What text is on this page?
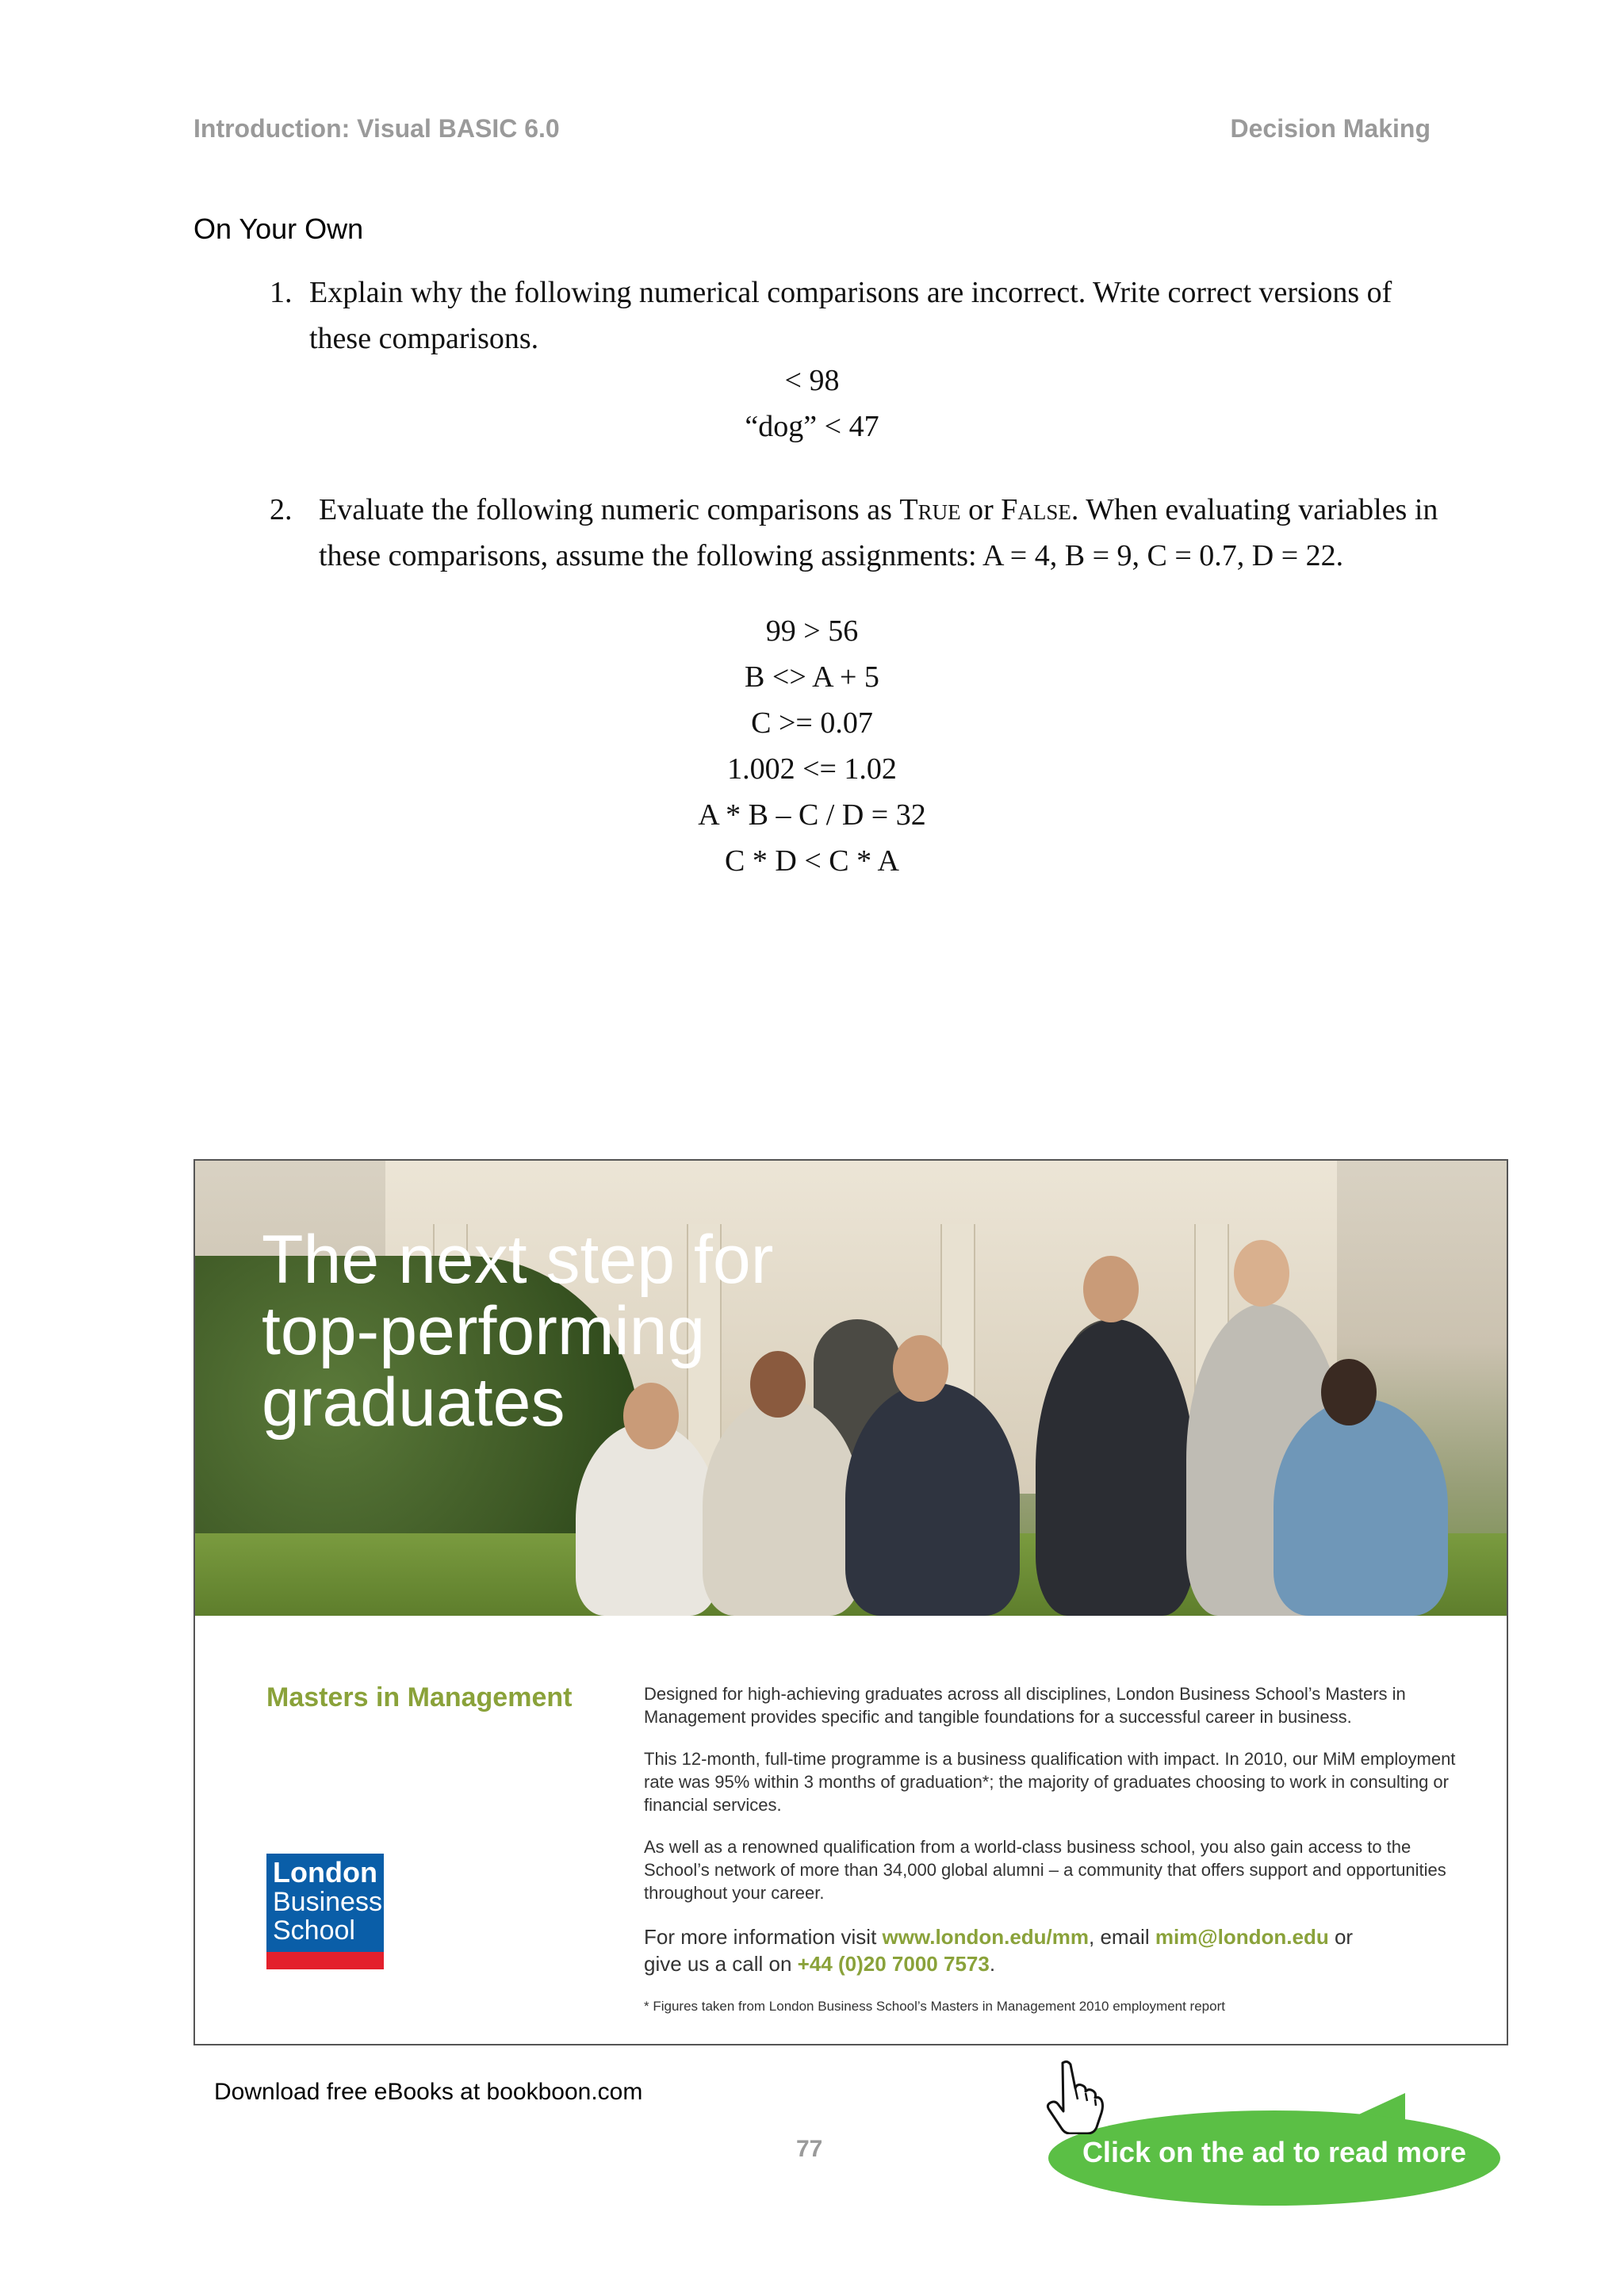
Introduction: Visual BASIC 6.0	Decision Making
On Your Own
1. Explain why the following numerical comparisons are incorrect. Write correct versions of these comparisons.
< 98
“dog” < 47
2. Evaluate the following numeric comparisons as True or False. When evaluating variables in these comparisons, assume the following assignments: A = 4, B = 9, C = 0.7, D = 22.
99 > 56
B <> A + 5
C >= 0.07
1.002 <= 1.02
A * B – C / D = 32
C * D < C * A
The next step for
top-performing
graduates
Masters in Management
London
Business
School

Designed for high-achieving graduates across all disciplines, London Business School’s Masters in Management provides specific and tangible foundations for a successful career in business.

This 12-month, full-time programme is a business qualification with impact. In 2010, our MiM employment rate was 95% within 3 months of graduation*; the majority of graduates choosing to work in consulting or financial services.

As well as a renowned qualification from a world-class business school, you also gain access to the School’s network of more than 34,000 global alumni – a community that offers support and opportunities throughout your career.

For more information visit www.london.edu/mm, email mim@london.edu or
give us a call on +44 (0)20 7000 7573.
* Figures taken from London Business School’s Masters in Management 2010 employment report
Download free eBooks at bookboon.com
77	Click on the ad to read more
